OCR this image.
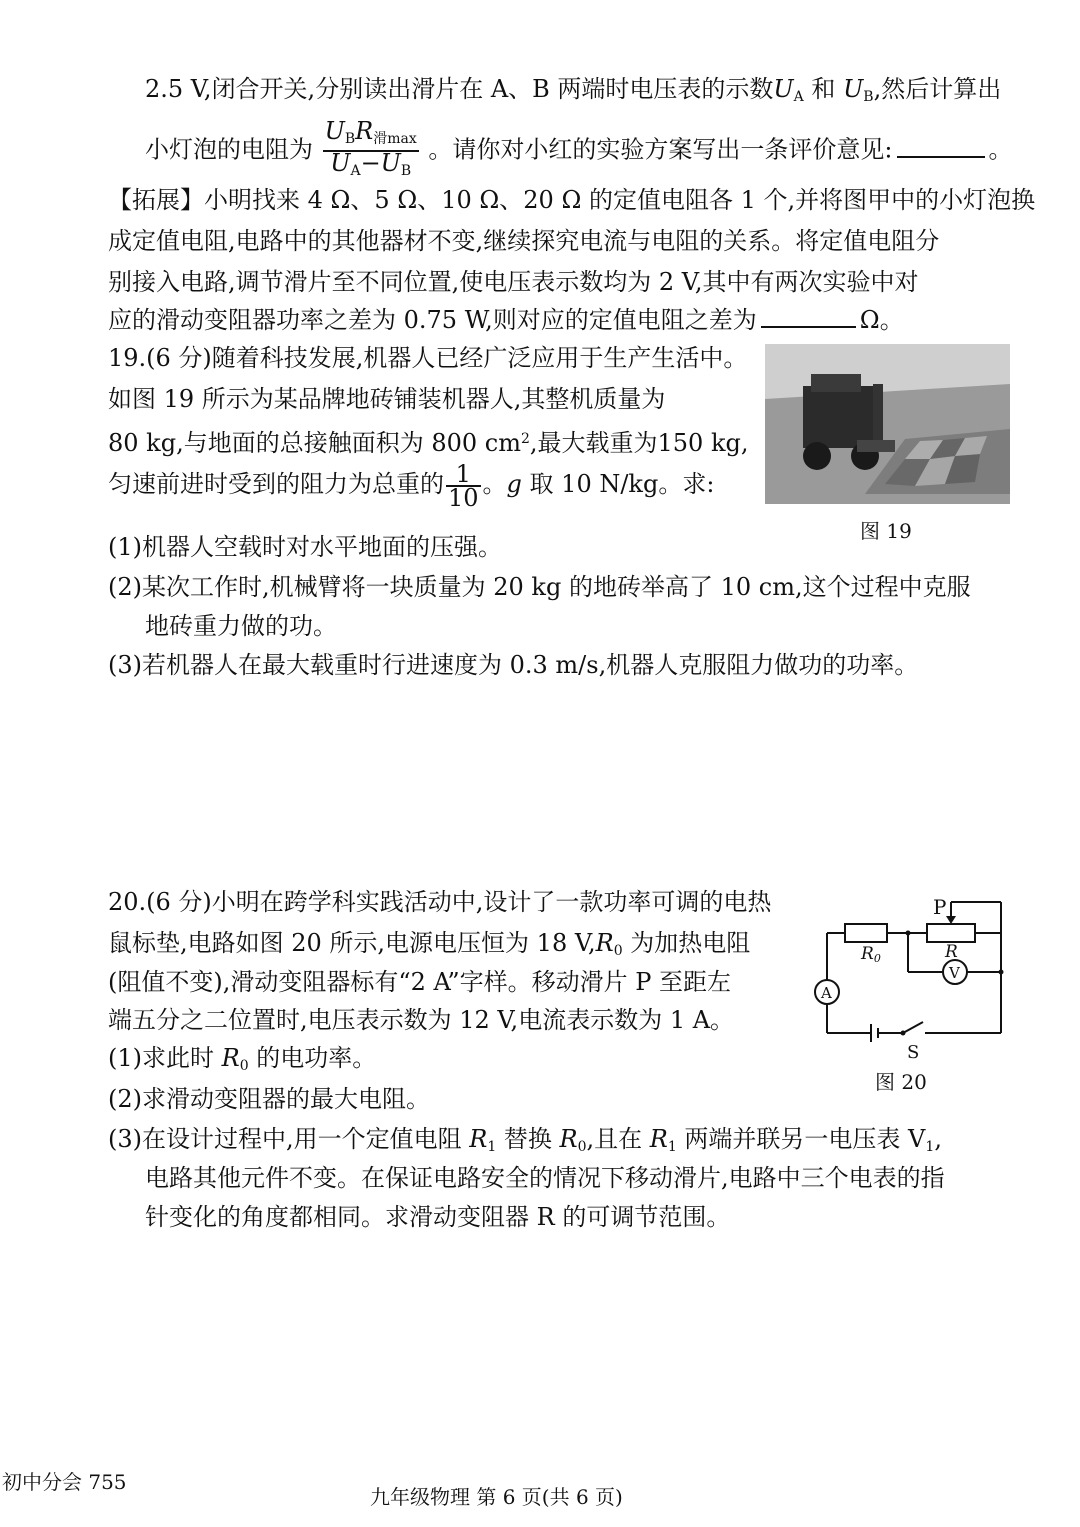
2.5 V,闭合开关,分别读出滑片在 A、B 两端时电压表的示数$U_A$ 和 $U_B$,然后计算出
小灯泡的电阻为 $\frac{U_BR_{滑max}}{U_A-U_B}$ 。请你对小红的实验方案写出一条评价意见:	。
【拓展】小明找来 4 Ω、5 Ω、10 Ω、20 Ω 的定值电阻各 1 个,并将图甲中的小灯泡换
成定值电阻,电路中的其他器材不变,继续探究电流与电阻的关系。将定值电阻分
别接入电路,调节滑片至不同位置,使电压表示数均为 2 V,其中有两次实验中对
应的滑动变阻器功率之差为 0.75 W,则对应的定值电阻之差为	Ω。
19.(6 分)随着科技发展,机器人已经广泛应用于生产生活中。
如图 19 所示为某品牌地砖铺装机器人,其整机质量为
80 kg,与地面的总接触面积为 800 $cm^2$,最大载重为150 kg,
匀速前进时受到的阻力为总重的 $\frac{1}{10}$ 。g 取 10 N/kg。求:
图 19
(1)机器人空载时对水平地面的压强。
(2)某次工作时,机械臂将一块质量为 20 kg 的地砖举高了 10 cm,这个过程中克服
地砖重力做的功。
(3)若机器人在最大载重时行进速度为 0.3 m/s,机器人克服阻力做功的功率。
20.(6 分)小明在跨学科实践活动中,设计了一款功率可调的电热
鼠标垫,电路如图 20 所示,电源电压恒为 18 $V,R_0$ 为加热电阻
(阻值不变),滑动变阻器标有“2 A”字样。移动滑片 P 至距左
端五分之二位置时,电压表示数为 12 V,电流表示数为 1 A。
P
R0	R
V
A
S
图 20
(1)求此时 $R_0$ 的电功率。
(2)求滑动变阻器的最大电阻。
(3)在设计过程中,用一个定值电阻 $R_1$ 替换 $R_0$,且在 $R_1$ 两端并联另一电压表 $V_1$,
电路其他元件不变。在保证电路安全的情况下移动滑片,电路中三个电表的指
针变化的角度都相同。求滑动变阻器 R 的可调节范围。
初中分会 755
九年级物理 第 6 页(共 6 页)
